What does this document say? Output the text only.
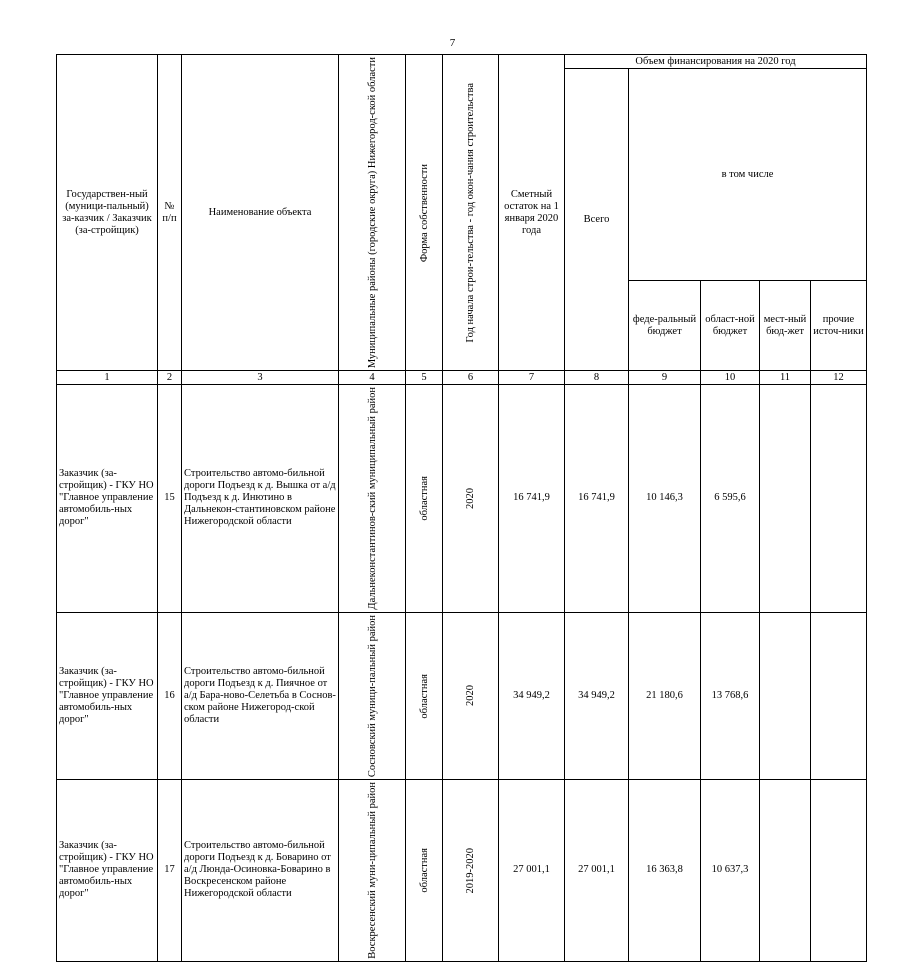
7
Государствен-ный (муници-пальный) за-казчик / Заказчик (за-стройщик)	№ п/п	Наименование объекта	Муниципальные районы (городские округа) Нижегород-ской области	Форма собственности	Год начала строи-тельства - год окон-чания строительства	Сметный остаток на 1 января 2020 года	Объем финансирования на 2020 год				
							Всего	в том числе			
								феде-ральный бюджет	област-ной бюджет	мест-ный бюд-жет	прочие источ-ники
1	2	3	4	5	6	7	8	9	10	11	12
Заказчик (за-стройщик) - ГКУ НО "Главное управление автомобиль-ных дорог"	15	Строительство автомо-бильной дороги Подъезд к д. Вышка от а/д Подъезд к д. Инютино в Дальнекон-стантиновском районе Нижегородской области	Дальнеконстантинов-ский муниципальный район	областная	2020	16 741,9	16 741,9	10 146,3	6 595,6		
Заказчик (за-стройщик) - ГКУ НО "Главное управление автомобиль-ных дорог"	16	Строительство автомо-бильной дороги Подъезд к д. Пиячное от а/д Бара-ново-Селетьба в Соснов-ском районе Нижегород-ской области	Сосновский муници-пальный район	областная	2020	34 949,2	34 949,2	21 180,6	13 768,6		
Заказчик (за-стройщик) - ГКУ НО "Главное управление автомобиль-ных дорог"	17	Строительство автомо-бильной дороги Подъезд к д. Боварино от а/д Люнда-Осиновка-Боварино в Воскресенском районе Нижегородской области	Воскресенский муни-ципальный район	областная	2019-2020	27 001,1	27 001,1	16 363,8	10 637,3		
